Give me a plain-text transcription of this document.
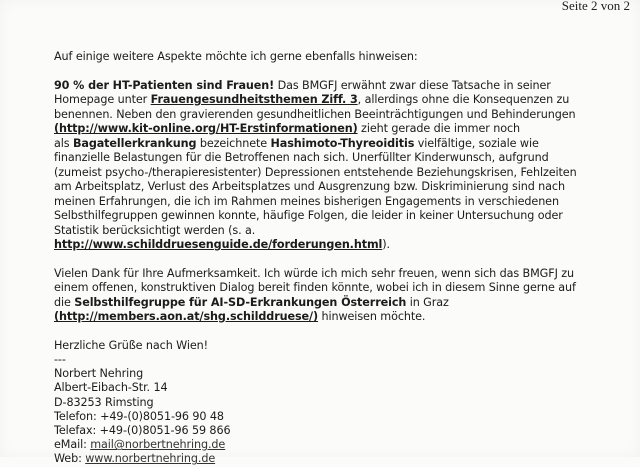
Seite 2 von 2

Auf einige weitere Aspekte möchte ich gerne ebenfalls hinweisen:

90 % der HT-Patienten sind Frauen! Das BMGFJ erwähnt zwar diese Tatsache in seiner
Homepage unter Frauengesundheitsthemen Ziff. 3, allerdings ohne die Konsequenzen zu
benennen. Neben den gravierenden gesundheitlichen Beeinträchtigungen und Behinderungen
(http://www.kit-online.org/HT-Erstinformationen) zieht gerade die immer noch
als Bagatellerkrankung bezeichnete Hashimoto-Thyreoiditis vielfältige, soziale wie
finanzielle Belastungen für die Betroffenen nach sich. Unerfüllter Kinderwunsch, aufgrund
(zumeist psycho-/therapieresistenter) Depressionen entstehende Beziehungskrisen, Fehlzeiten
am Arbeitsplatz, Verlust des Arbeitsplatzes und Ausgrenzung bzw. Diskriminierung sind nach
meinen Erfahrungen, die ich im Rahmen meines bisherigen Engagements in verschiedenen
Selbsthilfegruppen gewinnen konnte, häufige Folgen, die leider in keiner Untersuchung oder
Statistik berücksichtigt werden (s. a.
http://www.schilddruesenguide.de/forderungen.html).
Vielen Dank für Ihre Aufmerksamkeit. Ich würde ich mich sehr freuen, wenn sich das BMGFJ zu
einem offenen, konstruktiven Dialog bereit finden könnte, wobei ich in diesem Sinne gerne auf
die Selbsthilfegruppe für AI-SD-Erkrankungen Österreich in Graz
(http://members.aon.at/shg.schilddruese/) hinweisen möchte.

Herzliche Grüße nach Wien!

---
Norbert Nehring
Albert-Eibach-Str. 14
D-83253 Rimsting
Telefon: +49-(0)8051-96 90 48
Telefax: +49-(0)8051-96 59 866
eMail: mail@norbertnehring.de
Web: www.norbertnehring.de
